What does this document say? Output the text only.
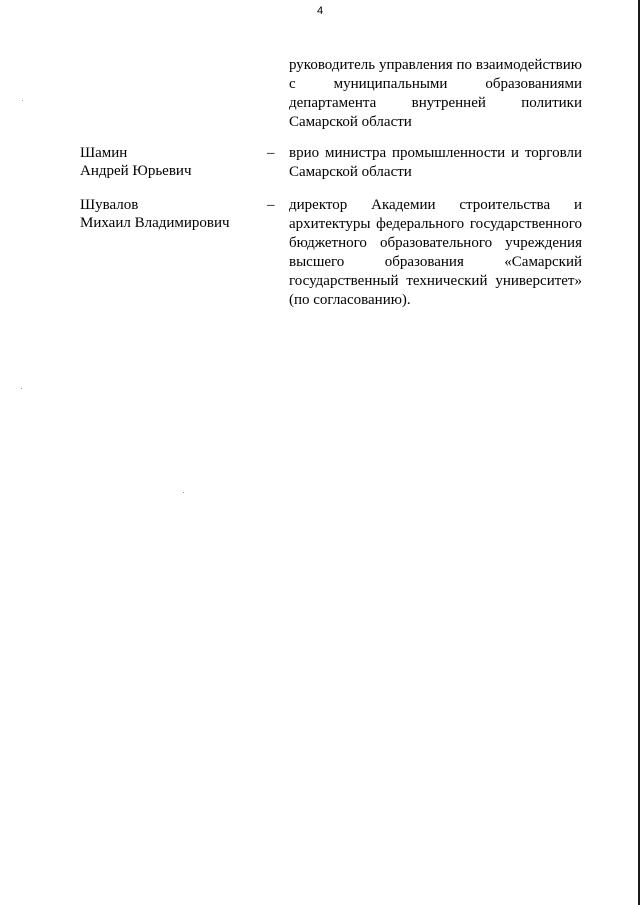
4
руководитель управления по взаимодействию с муниципальными образованиями департамента внутренней политики Самарской области
Шамин
Андрей Юрьевич
– врио министра промышленности и торговли Самарской области
Шувалов
Михаил Владимирович
– директор Академии строительства и архитектуры федерального государственного бюджетного образовательного учреждения высшего образования «Самарский государственный технический университет» (по согласованию).
